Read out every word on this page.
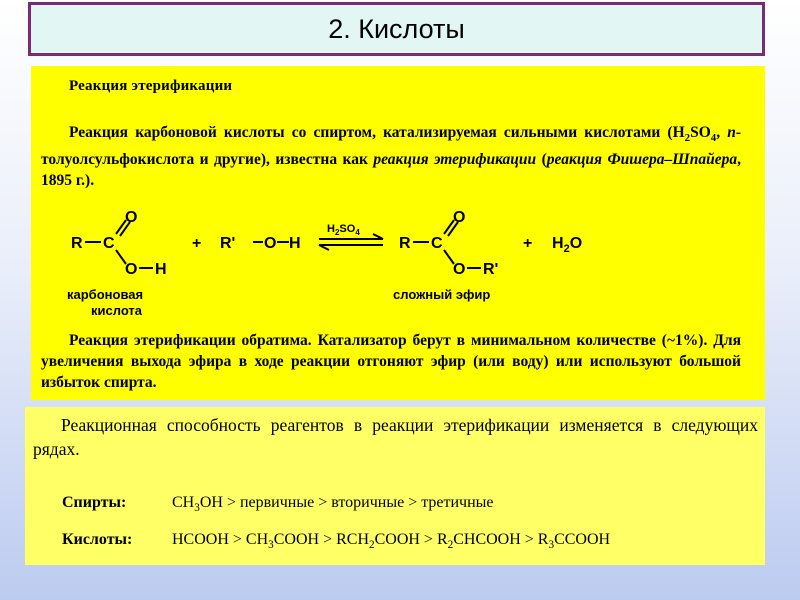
2. Кислоты
Реакция этерификации
Реакция карбоновой кислоты со спиртом, катализируемая сильными кислотами ($H_2SO_4$, n-толуолсульфокислота и другие), известна как реакция этерификации (реакция Фишера–Шпайера, 1895 г.).
R C
O
O H
+ R' O H	R C
O
O R'
+ $H_2O$
$H_2SO_4$
карбоновая
кислота
сложный эфир
Реакция этерификации обратима. Катализатор берут в минимальном количестве (~1%). Для увеличения выхода эфира в ходе реакции отгоняют эфир (или воду) или используют большой избыток спирта.
Реакционная способность реагентов в реакции этерификации изменяется в следующих рядах.
Спирты:	$CH_3OH$ > первичные > вторичные > третичные
Кислоты: HCOOH > $CH_3COOH$ > $RCH_2COOH$ > $R_2CHCOOH$ > $R_3CCOOH$
